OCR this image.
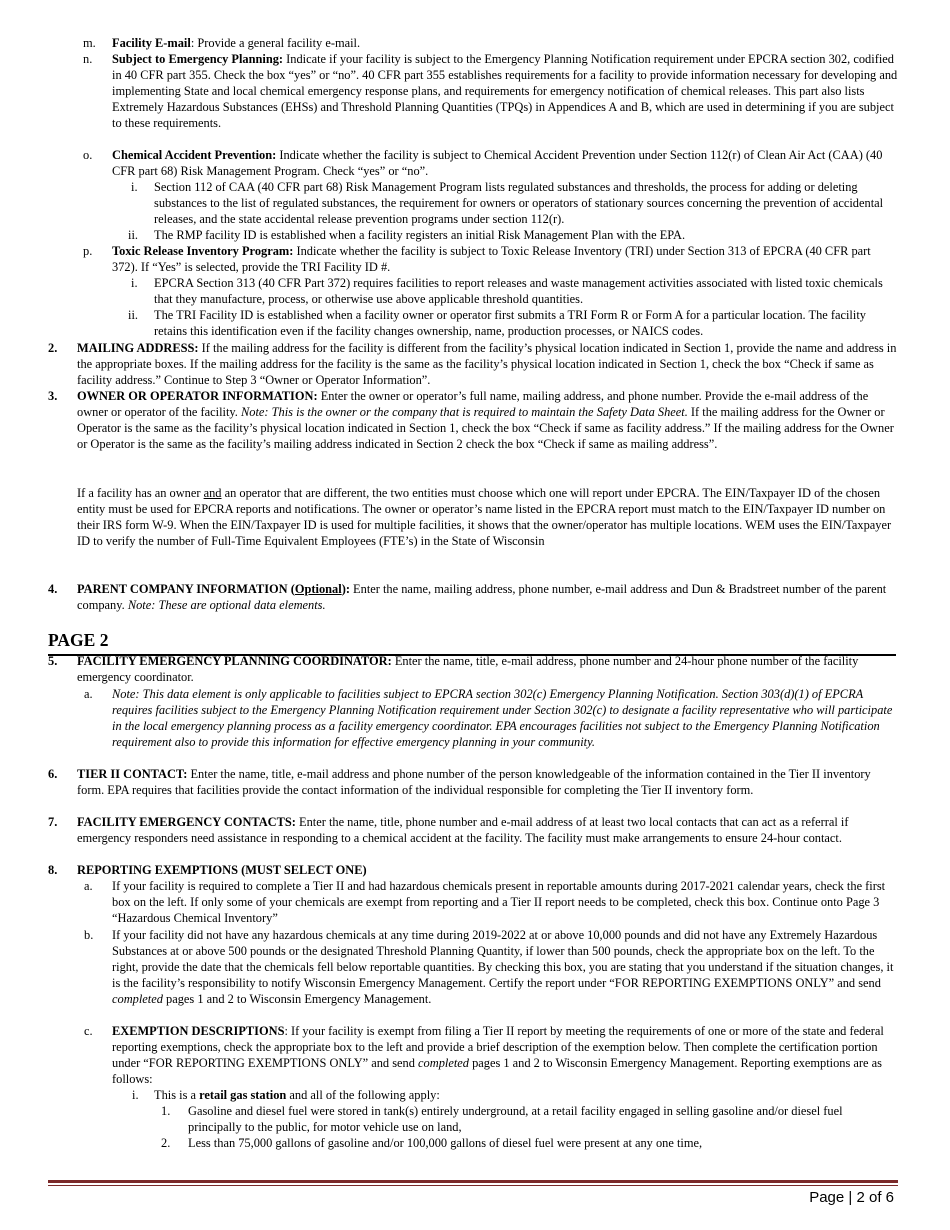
m. Facility E-mail: Provide a general facility e-mail.
n. Subject to Emergency Planning: Indicate if your facility is subject to the Emergency Planning Notification requirement under EPCRA section 302, codified in 40 CFR part 355. Check the box “yes” or “no”. 40 CFR part 355 establishes requirements for a facility to provide information necessary for developing and implementing State and local chemical emergency response plans, and requirements for emergency notification of chemical releases. This part also lists Extremely Hazardous Substances (EHSs) and Threshold Planning Quantities (TPQs) in Appendices A and B, which are used in determining if you are subject to these requirements.
o. Chemical Accident Prevention: Indicate whether the facility is subject to Chemical Accident Prevention under Section 112(r) of Clean Air Act (CAA) (40 CFR part 68) Risk Management Program. Check “yes” or “no”.
i. Section 112 of CAA (40 CFR part 68) Risk Management Program lists regulated substances and thresholds, the process for adding or deleting substances to the list of regulated substances, the requirement for owners or operators of stationary sources concerning the prevention of accidental releases, and the state accidental release prevention programs under section 112(r).
ii. The RMP facility ID is established when a facility registers an initial Risk Management Plan with the EPA.
p. Toxic Release Inventory Program: Indicate whether the facility is subject to Toxic Release Inventory (TRI) under Section 313 of EPCRA (40 CFR part 372). If “Yes” is selected, provide the TRI Facility ID #.
i. EPCRA Section 313 (40 CFR Part 372) requires facilities to report releases and waste management activities associated with listed toxic chemicals that they manufacture, process, or otherwise use above applicable threshold quantities.
ii. The TRI Facility ID is established when a facility owner or operator first submits a TRI Form R or Form A for a particular location. The facility retains this identification even if the facility changes ownership, name, production processes, or NAICS codes.
2. MAILING ADDRESS: If the mailing address for the facility is different from the facility’s physical location indicated in Section 1, provide the name and address in the appropriate boxes. If the mailing address for the facility is the same as the facility’s physical location indicated in Section 1, check the box “Check if same as facility address.” Continue to Step 3 “Owner or Operator Information”.
3. OWNER OR OPERATOR INFORMATION: Enter the owner or operator’s full name, mailing address, and phone number. Provide the e-mail address of the owner or operator of the facility. Note: This is the owner or the company that is required to maintain the Safety Data Sheet. If the mailing address for the Owner or Operator is the same as the facility’s physical location indicated in Section 1, check the box “Check if same as facility address.” If the mailing address for the Owner or Operator is the same as the facility’s mailing address indicated in Section 2 check the box “Check if same as mailing address”.
If a facility has an owner and an operator that are different, the two entities must choose which one will report under EPCRA. The EIN/Taxpayer ID of the chosen entity must be used for EPCRA reports and notifications. The owner or operator’s name listed in the EPCRA report must match to the EIN/Taxpayer ID number on their IRS form W-9. When the EIN/Taxpayer ID is used for multiple facilities, it shows that the owner/operator has multiple locations. WEM uses the EIN/Taxpayer ID to verify the number of Full-Time Equivalent Employees (FTE’s) in the State of Wisconsin
4. PARENT COMPANY INFORMATION (Optional): Enter the name, mailing address, phone number, e-mail address and Dun & Bradstreet number of the parent company. Note: These are optional data elements.
PAGE 2
5. FACILITY EMERGENCY PLANNING COORDINATOR: Enter the name, title, e-mail address, phone number and 24-hour phone number of the facility emergency coordinator.
a. Note: This data element is only applicable to facilities subject to EPCRA section 302(c) Emergency Planning Notification. Section 303(d)(1) of EPCRA requires facilities subject to the Emergency Planning Notification requirement under Section 302(c) to designate a facility representative who will participate in the local emergency planning process as a facility emergency coordinator. EPA encourages facilities not subject to the Emergency Planning Notification requirement also to provide this information for effective emergency planning in your community.
6. TIER II CONTACT: Enter the name, title, e-mail address and phone number of the person knowledgeable of the information contained in the Tier II inventory form. EPA requires that facilities provide the contact information of the individual responsible for completing the Tier II inventory form.
7. FACILITY EMERGENCY CONTACTS: Enter the name, title, phone number and e-mail address of at least two local contacts that can act as a referral if emergency responders need assistance in responding to a chemical accident at the facility. The facility must make arrangements to ensure 24-hour contact.
8. REPORTING EXEMPTIONS (MUST SELECT ONE)
a. If your facility is required to complete a Tier II and had hazardous chemicals present in reportable amounts during 2017-2021 calendar years, check the first box on the left. If only some of your chemicals are exempt from reporting and a Tier II report needs to be completed, check this box. Continue onto Page 3 “Hazardous Chemical Inventory”
b. If your facility did not have any hazardous chemicals at any time during 2019-2022 at or above 10,000 pounds and did not have any Extremely Hazardous Substances at or above 500 pounds or the designated Threshold Planning Quantity, if lower than 500 pounds, check the appropriate box on the left. To the right, provide the date that the chemicals fell below reportable quantities. By checking this box, you are stating that you understand if the situation changes, it is the facility’s responsibility to notify Wisconsin Emergency Management. Certify the report under “FOR REPORTING EXEMPTIONS ONLY” and send completed pages 1 and 2 to Wisconsin Emergency Management.
c. EXEMPTION DESCRIPTIONS: If your facility is exempt from filing a Tier II report by meeting the requirements of one or more of the state and federal reporting exemptions, check the appropriate box to the left and provide a brief description of the exemption below. Then complete the certification portion under “FOR REPORTING EXEMPTIONS ONLY” and send completed pages 1 and 2 to Wisconsin Emergency Management. Reporting exemptions are as follows:
i. This is a retail gas station and all of the following apply:
1. Gasoline and diesel fuel were stored in tank(s) entirely underground, at a retail facility engaged in selling gasoline and/or diesel fuel principally to the public, for motor vehicle use on land,
2. Less than 75,000 gallons of gasoline and/or 100,000 gallons of diesel fuel were present at any one time,
Page | 2 of 6
